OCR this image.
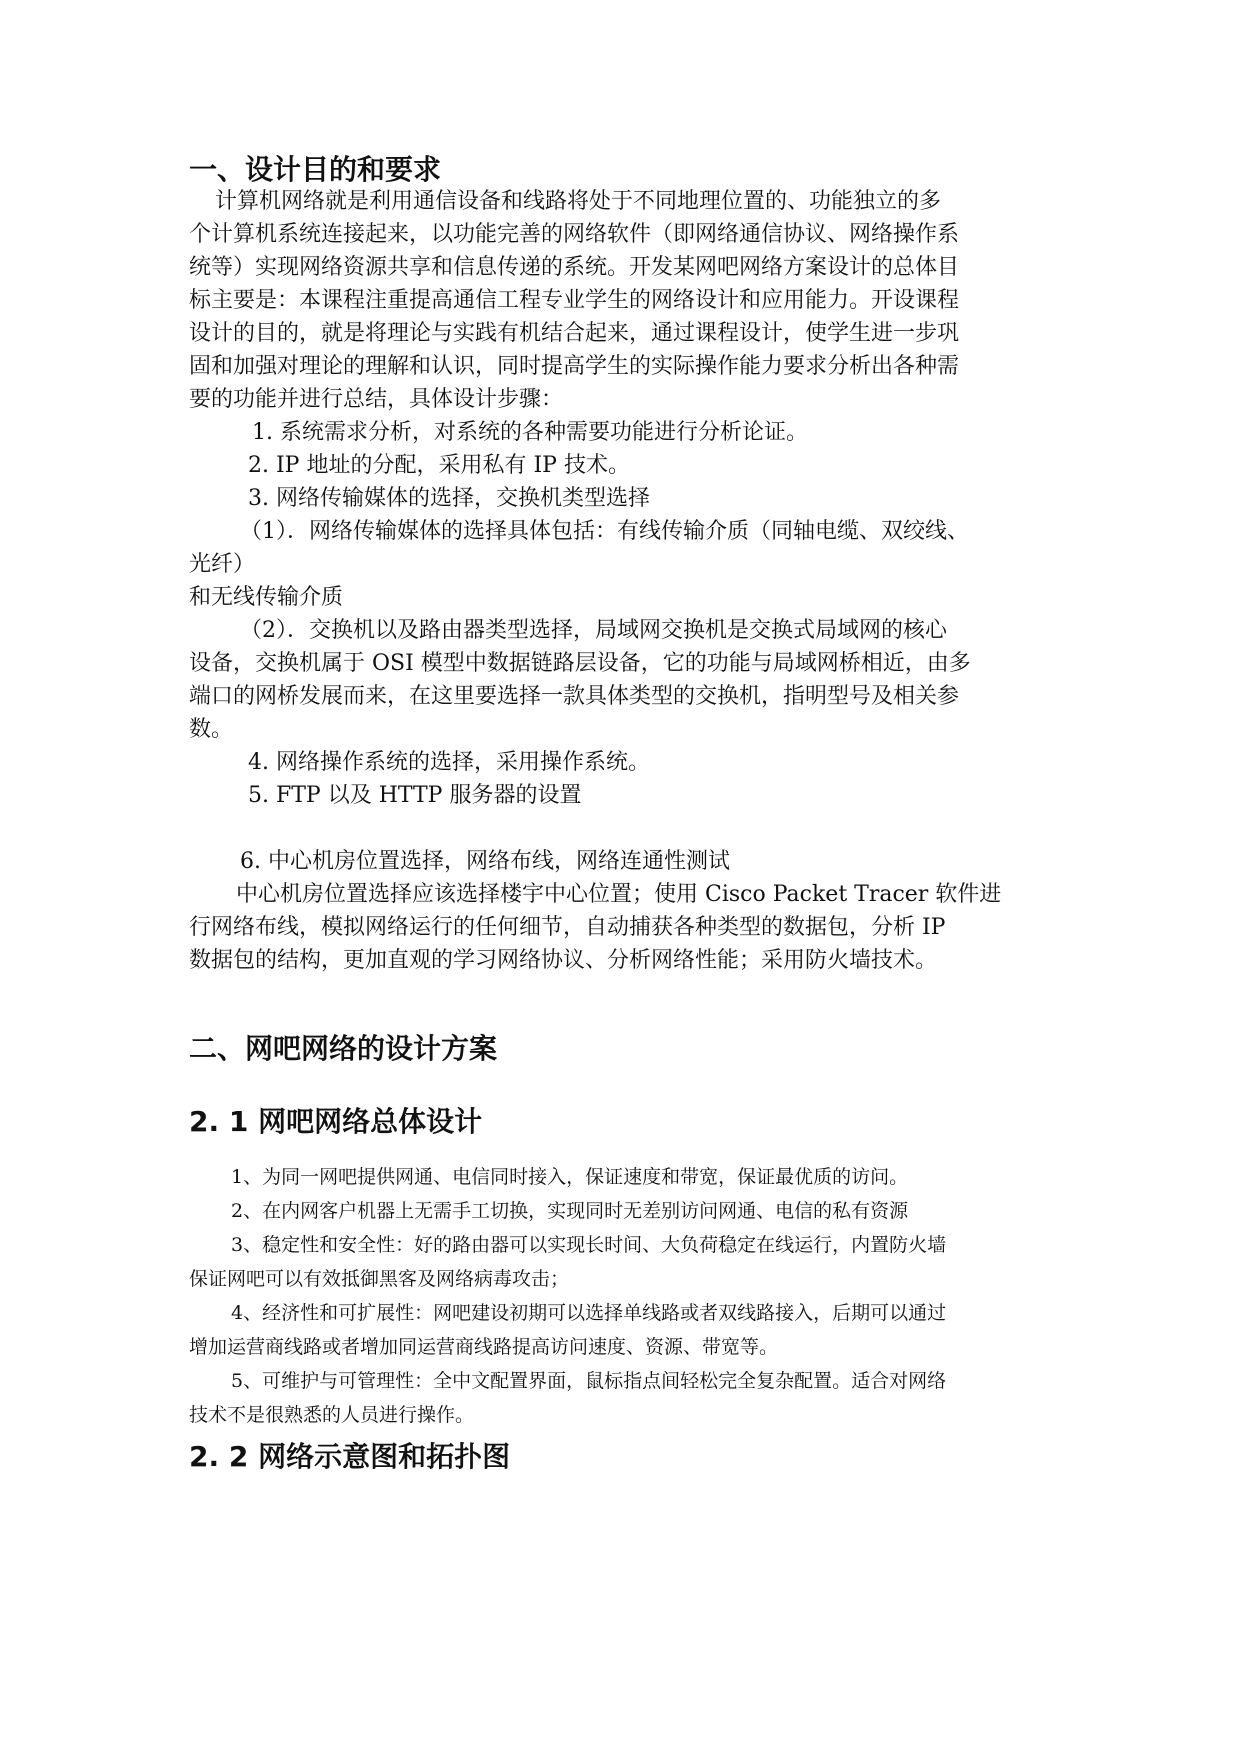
一、设计目的和要求
计算机网络就是利用通信设备和线路将处于不同地理位置的、功能独立的多
个计算机系统连接起来，以功能完善的网络软件（即网络通信协议、网络操作系
统等）实现网络资源共享和信息传递的系统。开发某网吧网络方案设计的总体目
标主要是：本课程注重提高通信工程专业学生的网络设计和应用能力。开设课程
设计的目的，就是将理论与实践有机结合起来，通过课程设计，使学生进一步巩
固和加强对理论的理解和认识，同时提高学生的实际操作能力要求分析出各种需
要的功能并进行总结，具体设计步骤：
1. 系统需求分析，对系统的各种需要功能进行分析论证。
2. IP 地址的分配，采用私有 IP 技术。
3. 网络传输媒体的选择，交换机类型选择
（1）．网络传输媒体的选择具体包括：有线传输介质（同轴电缆、双绞线、
光纤）
和无线传输介质
（2）．交换机以及路由器类型选择，局域网交换机是交换式局域网的核心
设备，交换机属于 OSI 模型中数据链路层设备，它的功能与局域网桥相近，由多
端口的网桥发展而来，在这里要选择一款具体类型的交换机，指明型号及相关参
数。
4. 网络操作系统的选择，采用操作系统。
5. FTP 以及 HTTP 服务器的设置
6. 中心机房位置选择，网络布线，网络连通性测试
中心机房位置选择应该选择楼宇中心位置；使用 Cisco Packet Tracer 软件进
行网络布线，模拟网络运行的任何细节，自动捕获各种类型的数据包，分析 IP
数据包的结构，更加直观的学习网络协议、分析网络性能；采用防火墙技术。
二、网吧网络的设计方案
2. 1 网吧网络总体设计
1、为同一网吧提供网通、电信同时接入，保证速度和带宽，保证最优质的访问。
2、在内网客户机器上无需手工切换，实现同时无差别访问网通、电信的私有资源
3、稳定性和安全性：好的路由器可以实现长时间、大负荷稳定在线运行，内置防火墙
保证网吧可以有效抵御黑客及网络病毒攻击；
4、经济性和可扩展性：网吧建设初期可以选择单线路或者双线路接入，后期可以通过
增加运营商线路或者增加同运营商线路提高访问速度、资源、带宽等。
5、可维护与可管理性：全中文配置界面，鼠标指点间轻松完全复杂配置。适合对网络
技术不是很熟悉的人员进行操作。
2. 2 网络示意图和拓扑图
